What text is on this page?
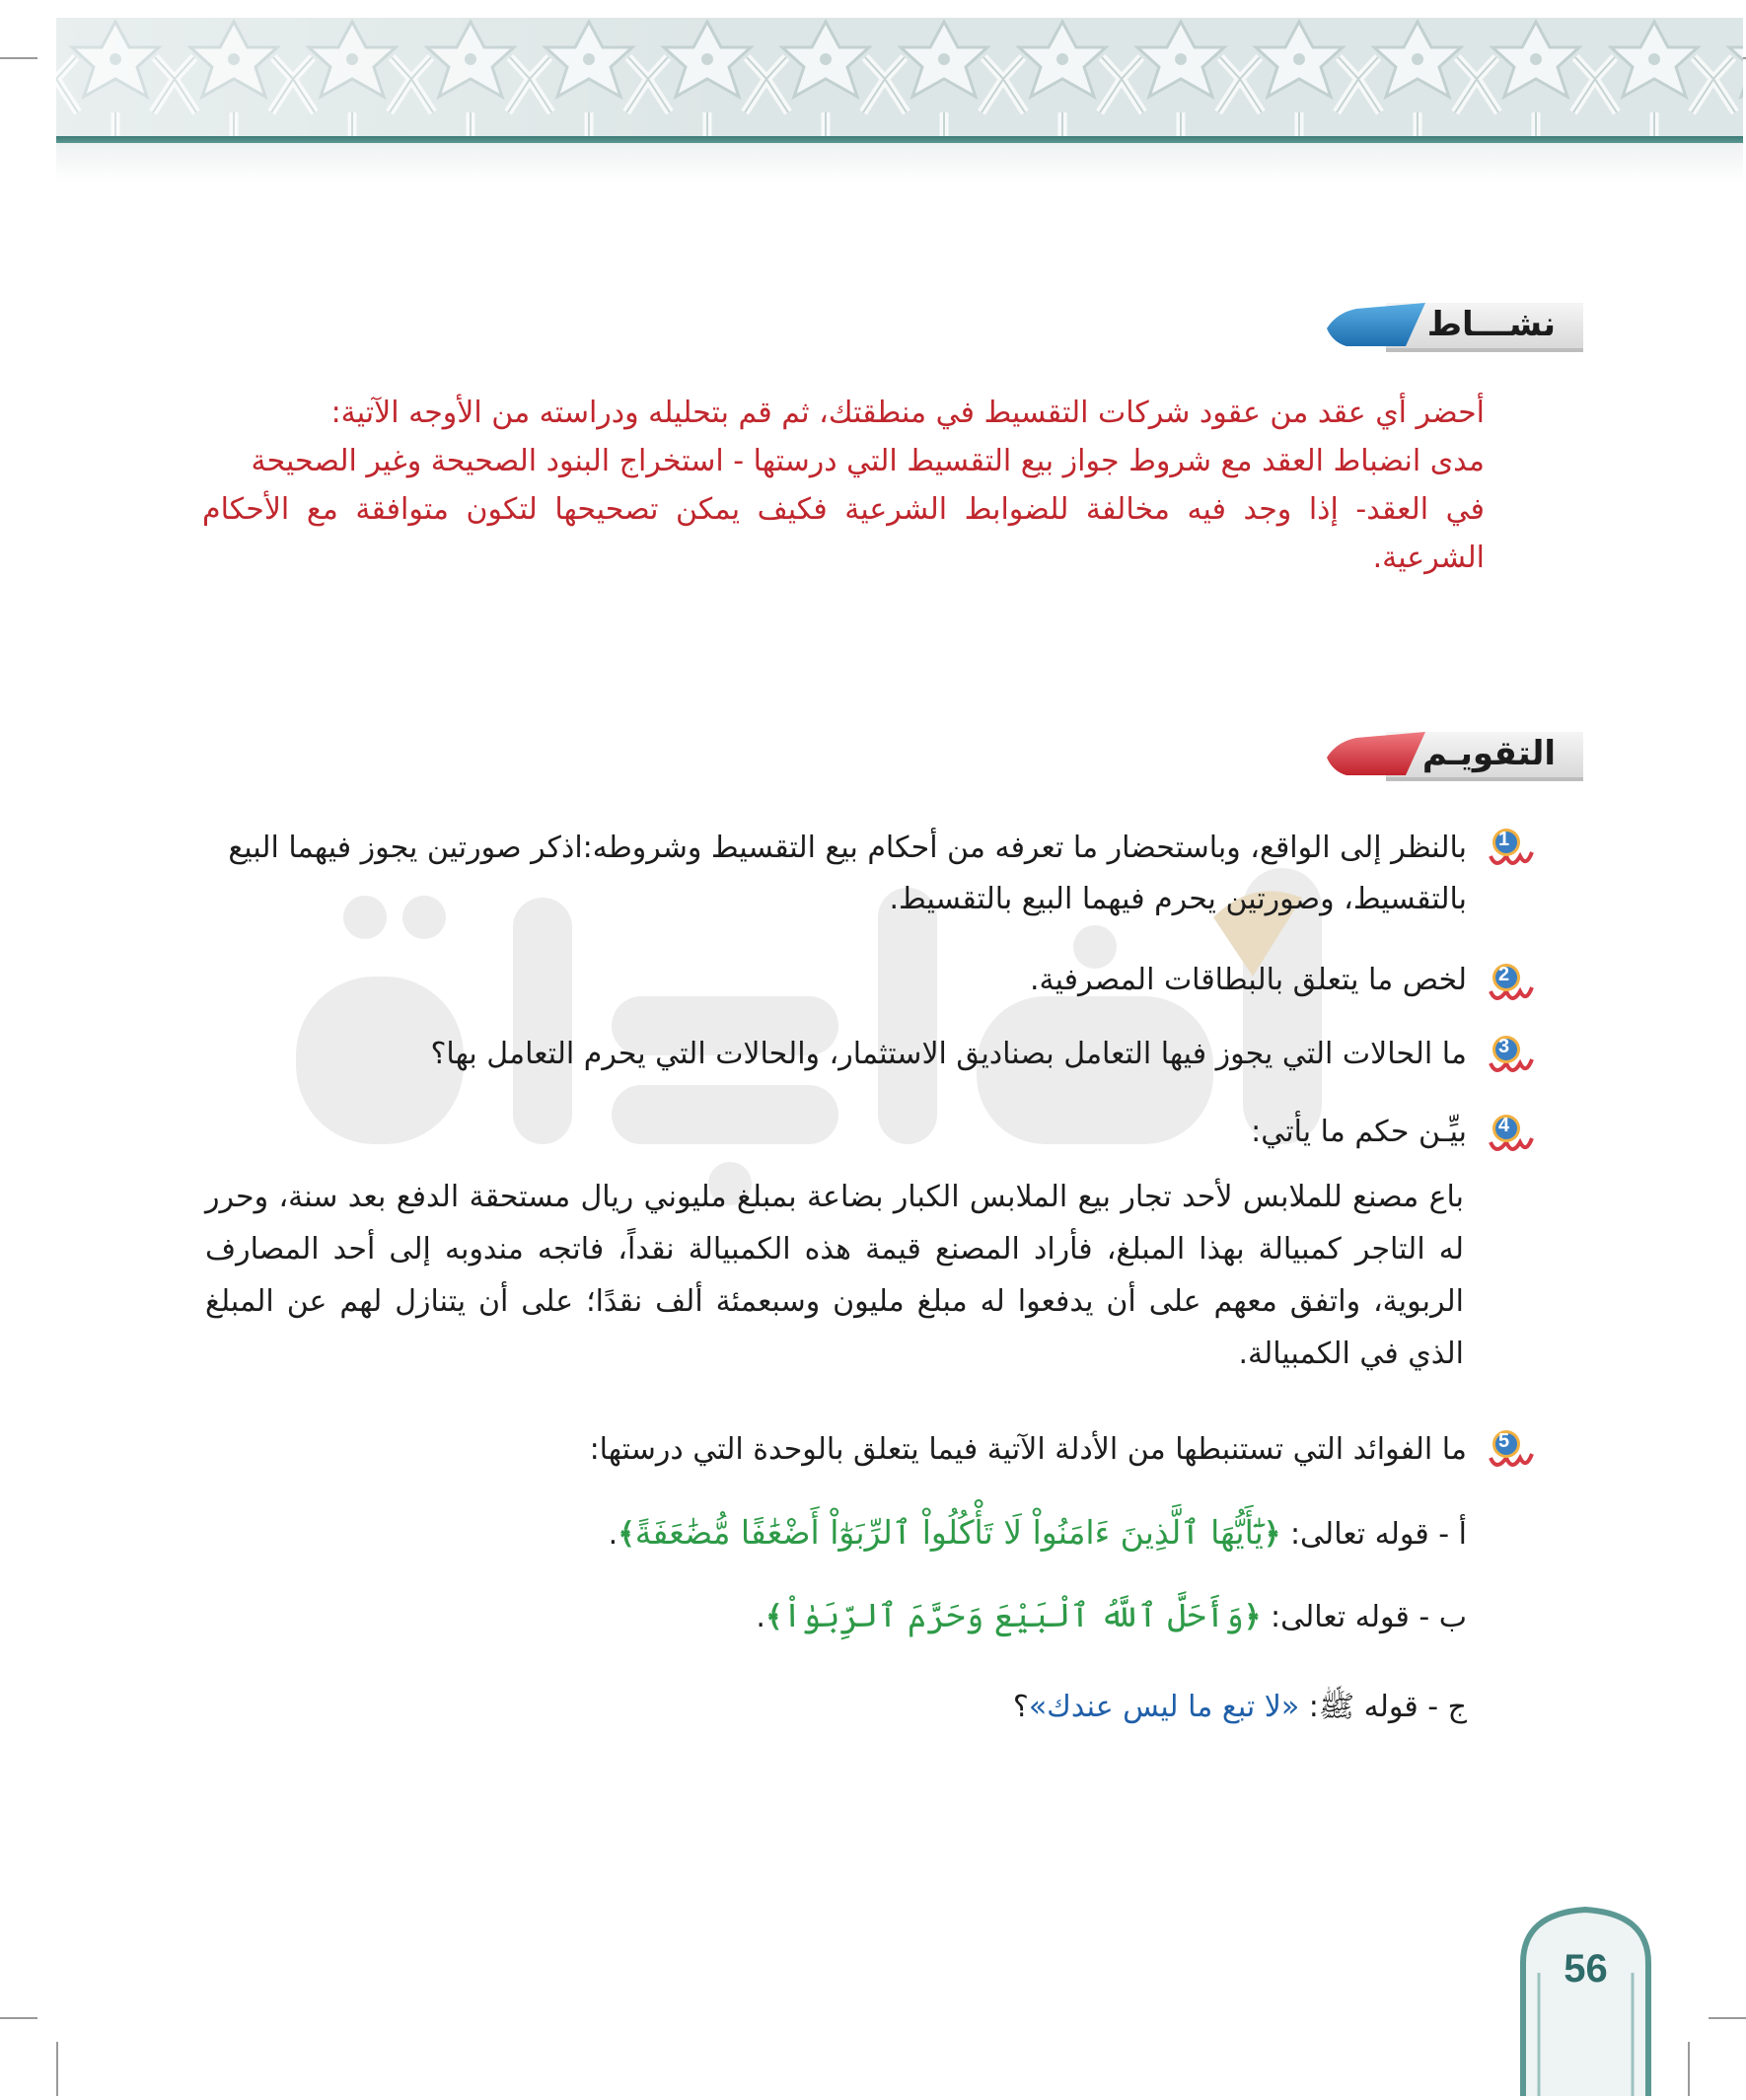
نشـــاط

أحضر أي عقد من عقود شركات التقسيط في منطقتك، ثم قم بتحليله ودراسته من الأوجه الآتية:

مدى انضباط العقد مع شروط جواز بيع التقسيط التي درستها - استخراج البنود الصحيحة وغير الصحيحة

في العقد- إذا وجد فيه مخالفة للضوابط الشرعية فكيف يمكن تصحيحها لتكون متوافقة مع الأحكام الشرعية.

التقويـم
1
2
3
4
5
بالنظر إلى الواقع، وباستحضار ما تعرفه من أحكام بيع التقسيط وشروطه:اذكر صورتين يجوز فيهما البيع بالتقسيط، وصورتين يحرم فيهما البيع بالتقسيط.
لخص ما يتعلق بالبطاقات المصرفية.
ما الحالات التي يجوز فيها التعامل بصناديق الاستثمار، والحالات التي يحرم التعامل بها؟
بيِّـن حكم ما يأتي:
باع مصنع للملابس لأحد تجار بيع الملابس الكبار بضاعة بمبلغ مليوني ريال مستحقة الدفع بعد سنة، وحرر له التاجر كمبيالة بهذا المبلغ، فأراد المصنع قيمة هذه الكمبيالة نقداً، فاتجه مندوبه إلى أحد المصارف الربوية، واتفق معهم على أن يدفعوا له مبلغ مليون وسبعمئة ألف نقدًا؛ على أن يتنازل لهم عن المبلغ الذي في الكمبيالة.
ما الفوائد التي تستنبطها من الأدلة الآتية فيما يتعلق بالوحدة التي درستها:
أ - قوله تعالى: ﴿يَٰٓأَيُّهَا ٱلَّذِينَ ءَامَنُواْ لَا تَأْكُلُواْ ٱلرِّبَوٰٓاْ أَضْعَٰفًا مُّضَٰعَفَةً﴾.
ب - قوله تعالى: ﴿وَأَحَلَّ ٱللَّهُ ٱلْبَيْعَ وَحَرَّمَ ٱلرِّبَوٰاْ﴾.
ج - قوله ﷺ: «لا تبع ما ليس عندك»؟
56
